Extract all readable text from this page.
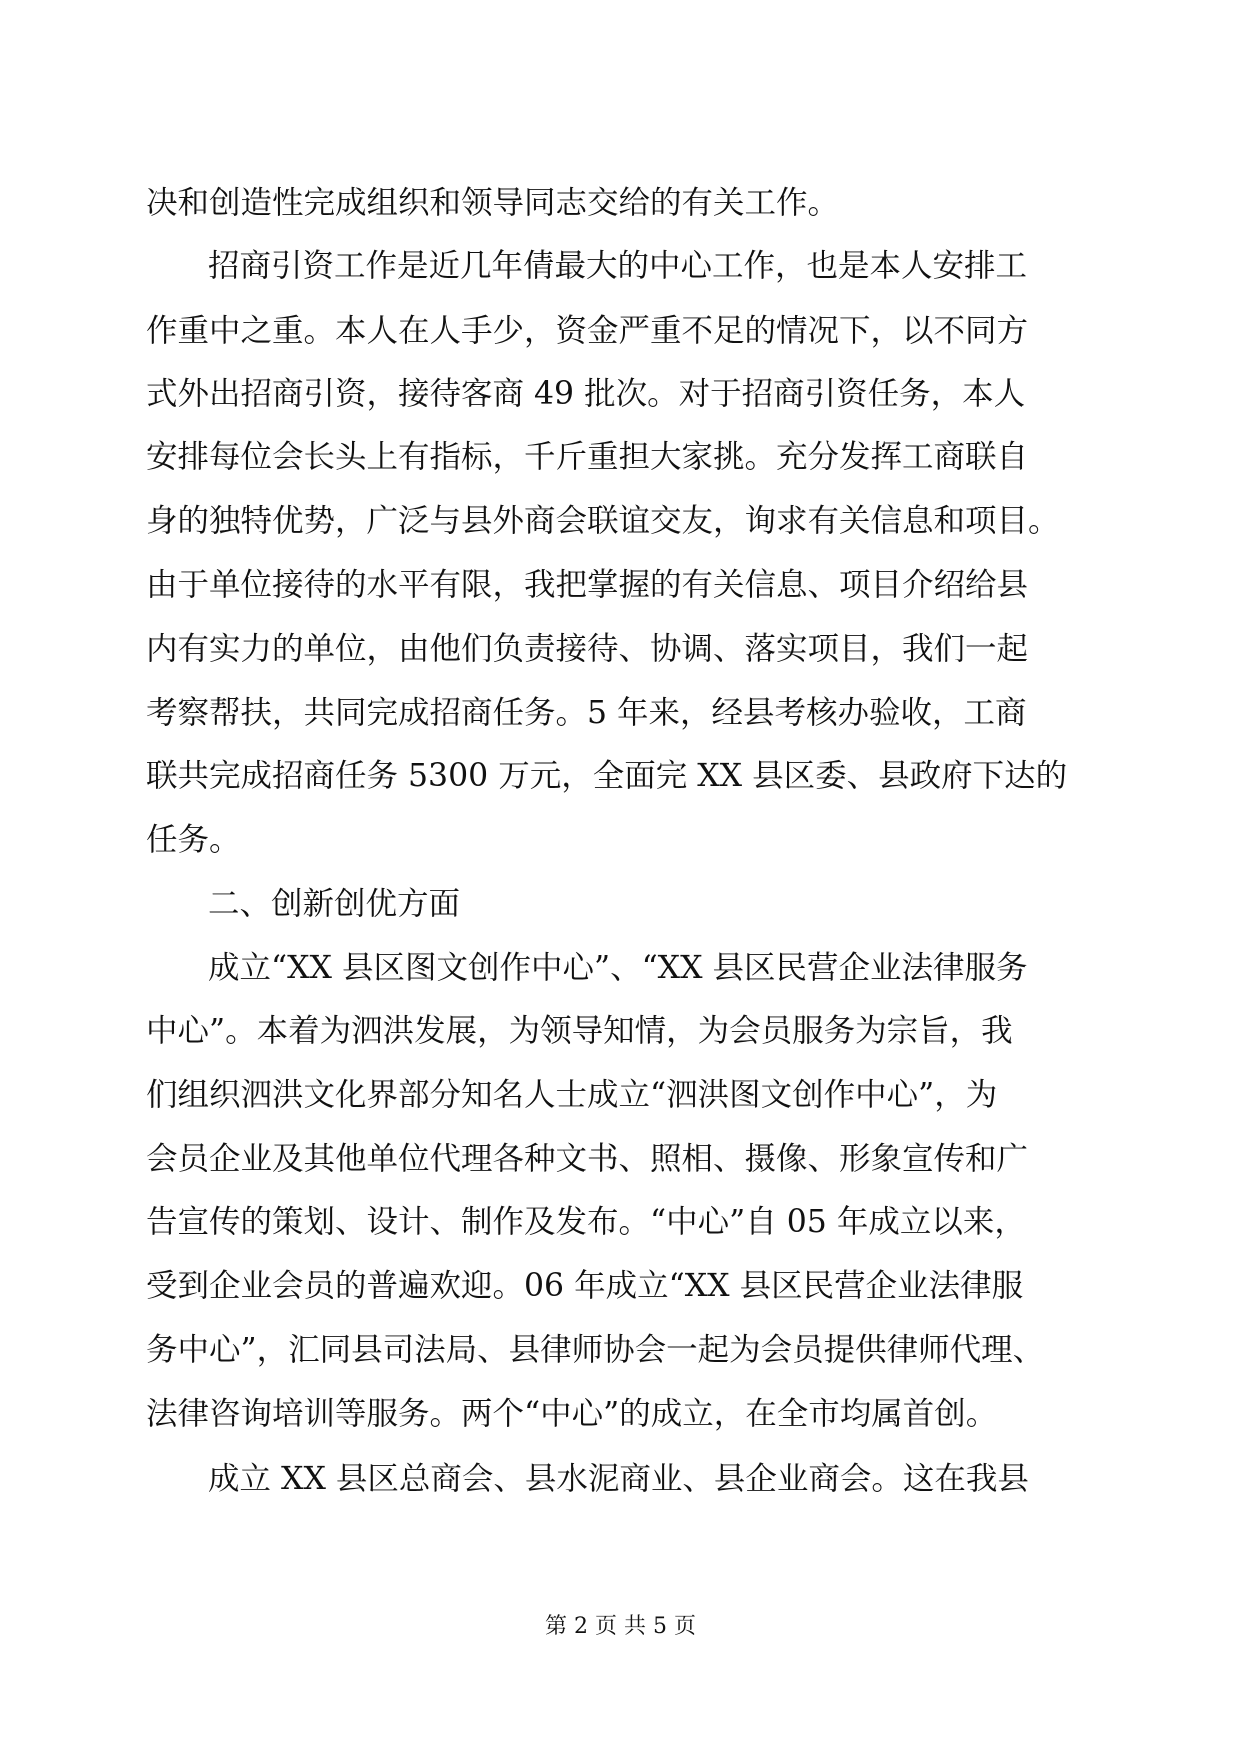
决和创造性完成组织和领导同志交给的有关工作。
招商引资工作是近几年倩最大的中心工作，也是本人安排工
作重中之重。本人在人手少，资金严重不足的情况下，以不同方
式外出招商引资，接待客商 49 批次。对于招商引资任务，本人
安排每位会长头上有指标，千斤重担大家挑。充分发挥工商联自
身的独特优势，广泛与县外商会联谊交友，询求有关信息和项目。
由于单位接待的水平有限，我把掌握的有关信息、项目介绍给县
内有实力的单位，由他们负责接待、协调、落实项目，我们一起
考察帮扶，共同完成招商任务。5 年来，经县考核办验收，工商
联共完成招商任务 5300 万元，全面完 XX 县区委、县政府下达的
任务。
二、创新创优方面
成立“XX 县区图文创作中心”、“XX 县区民营企业法律服务
中心”。本着为泗洪发展，为领导知情，为会员服务为宗旨，我
们组织泗洪文化界部分知名人士成立“泗洪图文创作中心”，为
会员企业及其他单位代理各种文书、照相、摄像、形象宣传和广
告宣传的策划、设计、制作及发布。“中心”自 05 年成立以来，
受到企业会员的普遍欢迎。06 年成立“XX 县区民营企业法律服
务中心”，汇同县司法局、县律师协会一起为会员提供律师代理、
法律咨询培训等服务。两个“中心”的成立，在全市均属首创。
成立 XX 县区总商会、县水泥商业、县企业商会。这在我县
第 2 页 共 5 页
